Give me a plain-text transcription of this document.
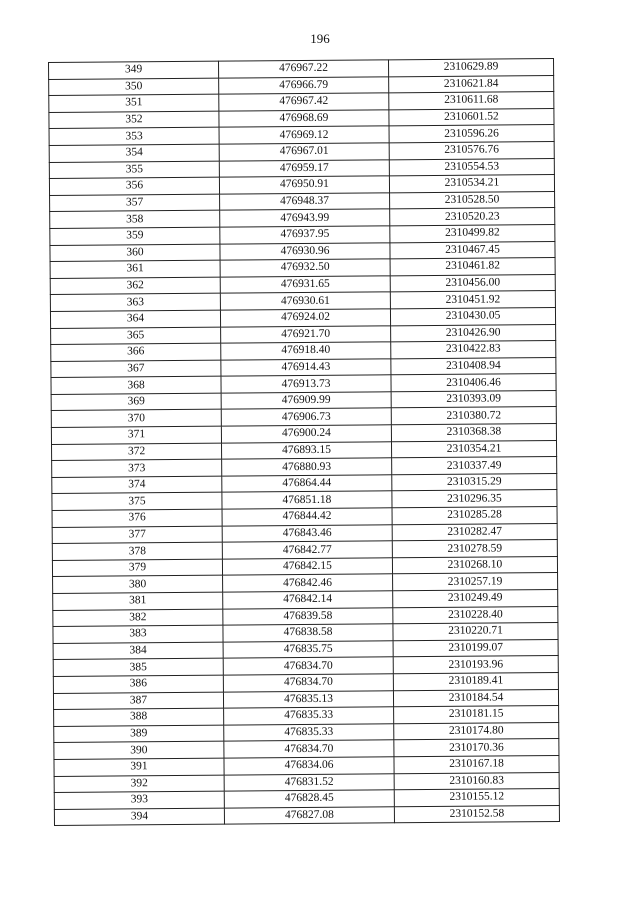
196
349	476967.22	2310629.89
350	476966.79	2310621.84
351	476967.42	2310611.68
352	476968.69	2310601.52
353	476969.12	2310596.26
354	476967.01	2310576.76
355	476959.17	2310554.53
356	476950.91	2310534.21
357	476948.37	2310528.50
358	476943.99	2310520.23
359	476937.95	2310499.82
360	476930.96	2310467.45
361	476932.50	2310461.82
362	476931.65	2310456.00
363	476930.61	2310451.92
364	476924.02	2310430.05
365	476921.70	2310426.90
366	476918.40	2310422.83
367	476914.43	2310408.94
368	476913.73	2310406.46
369	476909.99	2310393.09
370	476906.73	2310380.72
371	476900.24	2310368.38
372	476893.15	2310354.21
373	476880.93	2310337.49
374	476864.44	2310315.29
375	476851.18	2310296.35
376	476844.42	2310285.28
377	476843.46	2310282.47
378	476842.77	2310278.59
379	476842.15	2310268.10
380	476842.46	2310257.19
381	476842.14	2310249.49
382	476839.58	2310228.40
383	476838.58	2310220.71
384	476835.75	2310199.07
385	476834.70	2310193.96
386	476834.70	2310189.41
387	476835.13	2310184.54
388	476835.33	2310181.15
389	476835.33	2310174.80
390	476834.70	2310170.36
391	476834.06	2310167.18
392	476831.52	2310160.83
393	476828.45	2310155.12
394	476827.08	2310152.58
